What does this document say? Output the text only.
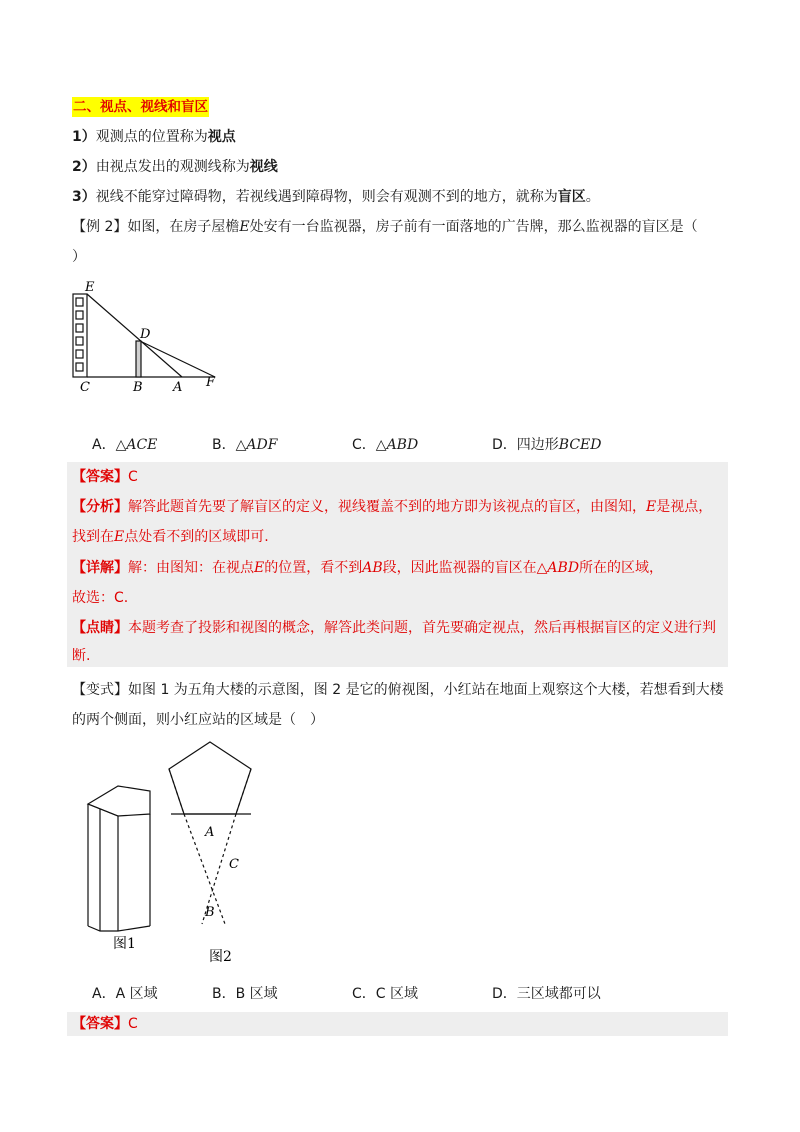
二、视点、视线和盲区
1）观测点的位置称为视点
2）由视点发出的观测线称为视线
3）视线不能穿过障碍物，若视线遇到障碍物，则会有观测不到的地方，就称为盲区。
【例 2】如图，在房子屋檐E处安有一台监视器，房子前有一面落地的广告牌，那么监视器的盲区是（
）
E
D
C	B A F
A．△ACE	B．△ADF	C．△ABD	D．四边形BCED
【答案】C
【分析】解答此题首先要了解盲区的定义，视线覆盖不到的地方即为该视点的盲区，由图知，E是视点，
找到在E点处看不到的区域即可.
【详解】解：由图知：在视点E的位置，看不到AB段，因此监视器的盲区在△ABD所在的区域，
故选：C.
【点睛】本题考查了投影和视图的概念，解答此类问题，首先要确定视点，然后再根据盲区的定义进行判
断.
【变式】如图 1 为五角大楼的示意图，图 2 是它的俯视图，小红站在地面上观察这个大楼，若想看到大楼
的两个侧面，则小红应站的区域是（　）
图1
A
C
B
图2
A．A 区域	B．B 区域	C．C 区域	D．三区域都可以
【答案】C
